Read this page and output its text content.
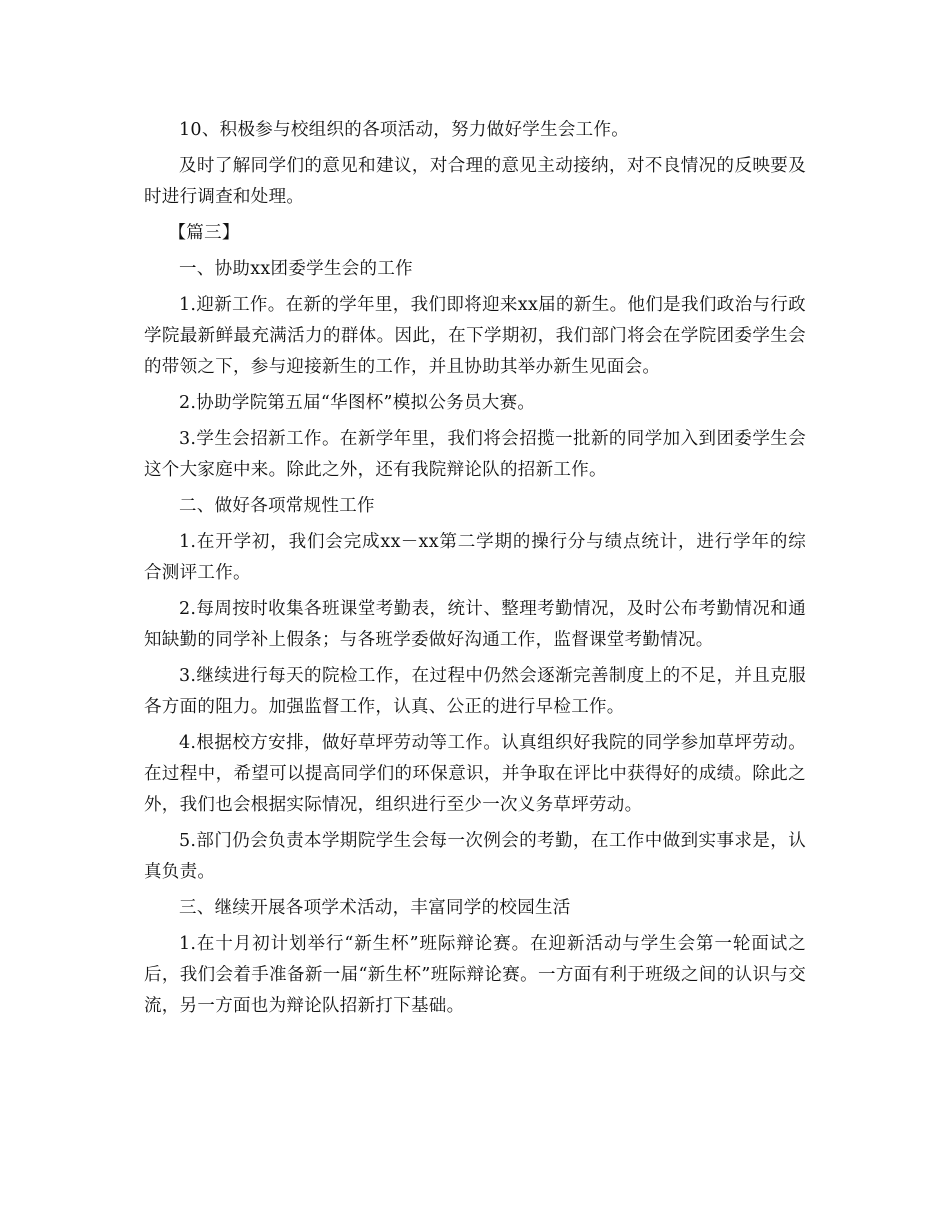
10、积极参与校组织的各项活动，努力做好学生会工作。

及时了解同学们的意见和建议，对合理的意见主动接纳，对不良情况的反映要及时进行调查和处理。

【篇三】

一、协助xx团委学生会的工作

1.迎新工作。在新的学年里，我们即将迎来xx届的新生。他们是我们政治与行政学院最新鲜最充满活力的群体。因此，在下学期初，我们部门将会在学院团委学生会的带领之下，参与迎接新生的工作，并且协助其举办新生见面会。

2.协助学院第五届“华图杯”模拟公务员大赛。

3.学生会招新工作。在新学年里，我们将会招揽一批新的同学加入到团委学生会这个大家庭中来。除此之外，还有我院辩论队的招新工作。

二、做好各项常规性工作

1.在开学初，我们会完成xx－xx第二学期的操行分与绩点统计，进行学年的综合测评工作。

2.每周按时收集各班课堂考勤表，统计、整理考勤情况，及时公布考勤情况和通知缺勤的同学补上假条；与各班学委做好沟通工作，监督课堂考勤情况。

3.继续进行每天的院检工作，在过程中仍然会逐渐完善制度上的不足，并且克服各方面的阻力。加强监督工作，认真、公正的进行早检工作。

4.根据校方安排，做好草坪劳动等工作。认真组织好我院的同学参加草坪劳动。在过程中，希望可以提高同学们的环保意识，并争取在评比中获得好的成绩。除此之外，我们也会根据实际情况，组织进行至少一次义务草坪劳动。

5.部门仍会负责本学期院学生会每一次例会的考勤，在工作中做到实事求是，认真负责。

三、继续开展各项学术活动，丰富同学的校园生活

1.在十月初计划举行“新生杯”班际辩论赛。在迎新活动与学生会第一轮面试之后，我们会着手准备新一届“新生杯”班际辩论赛。一方面有利于班级之间的认识与交流，另一方面也为辩论队招新打下基础。
